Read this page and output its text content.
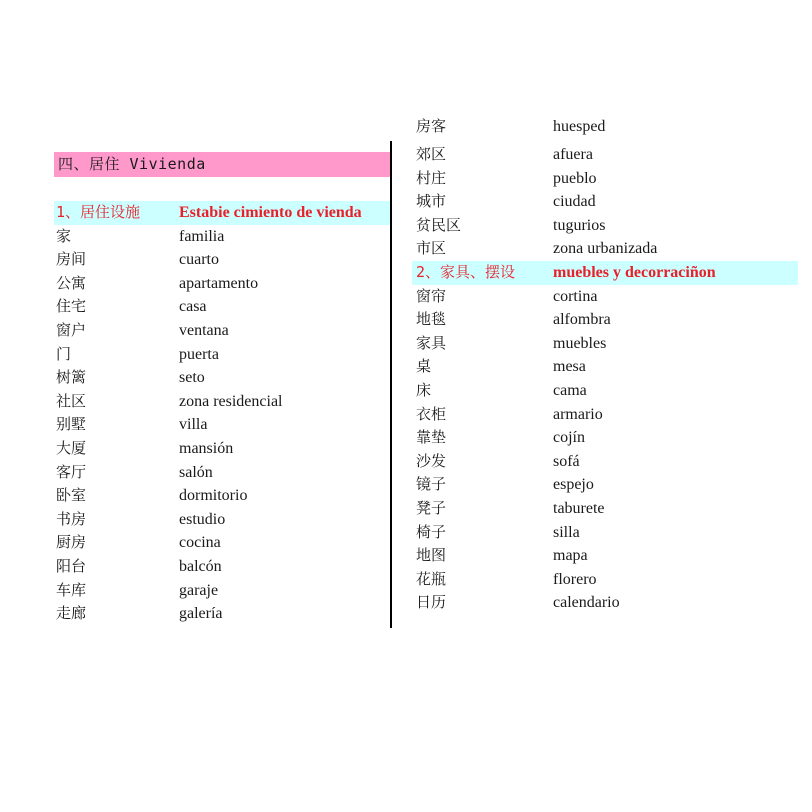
四、居住 Vivienda
1、居住设施	Estabie cimiento de vienda
家	familia
房间	cuarto
公寓	apartamento
住宅	casa
窗户	ventana
门	puerta
树篱	seto
社区	zona residencial
别墅	villa
大厦	mansión
客厅	salón
卧室	dormitorio
书房	estudio
厨房	cocina
阳台	balcón
车库	garaje
走廊	galería
房客	huesped
郊区	afuera
村庄	pueblo
城市	ciudad
贫民区	tugurios
市区	zona urbanizada
2、家具、摆设	muebles y decorraciñon
窗帘	cortina
地毯	alfombra
家具	muebles
桌	mesa
床	cama
衣柜	armario
靠垫	cojín
沙发	sofá
镜子	espejo
凳子	taburete
椅子	silla
地图	mapa
花瓶	florero
日历	calendario
